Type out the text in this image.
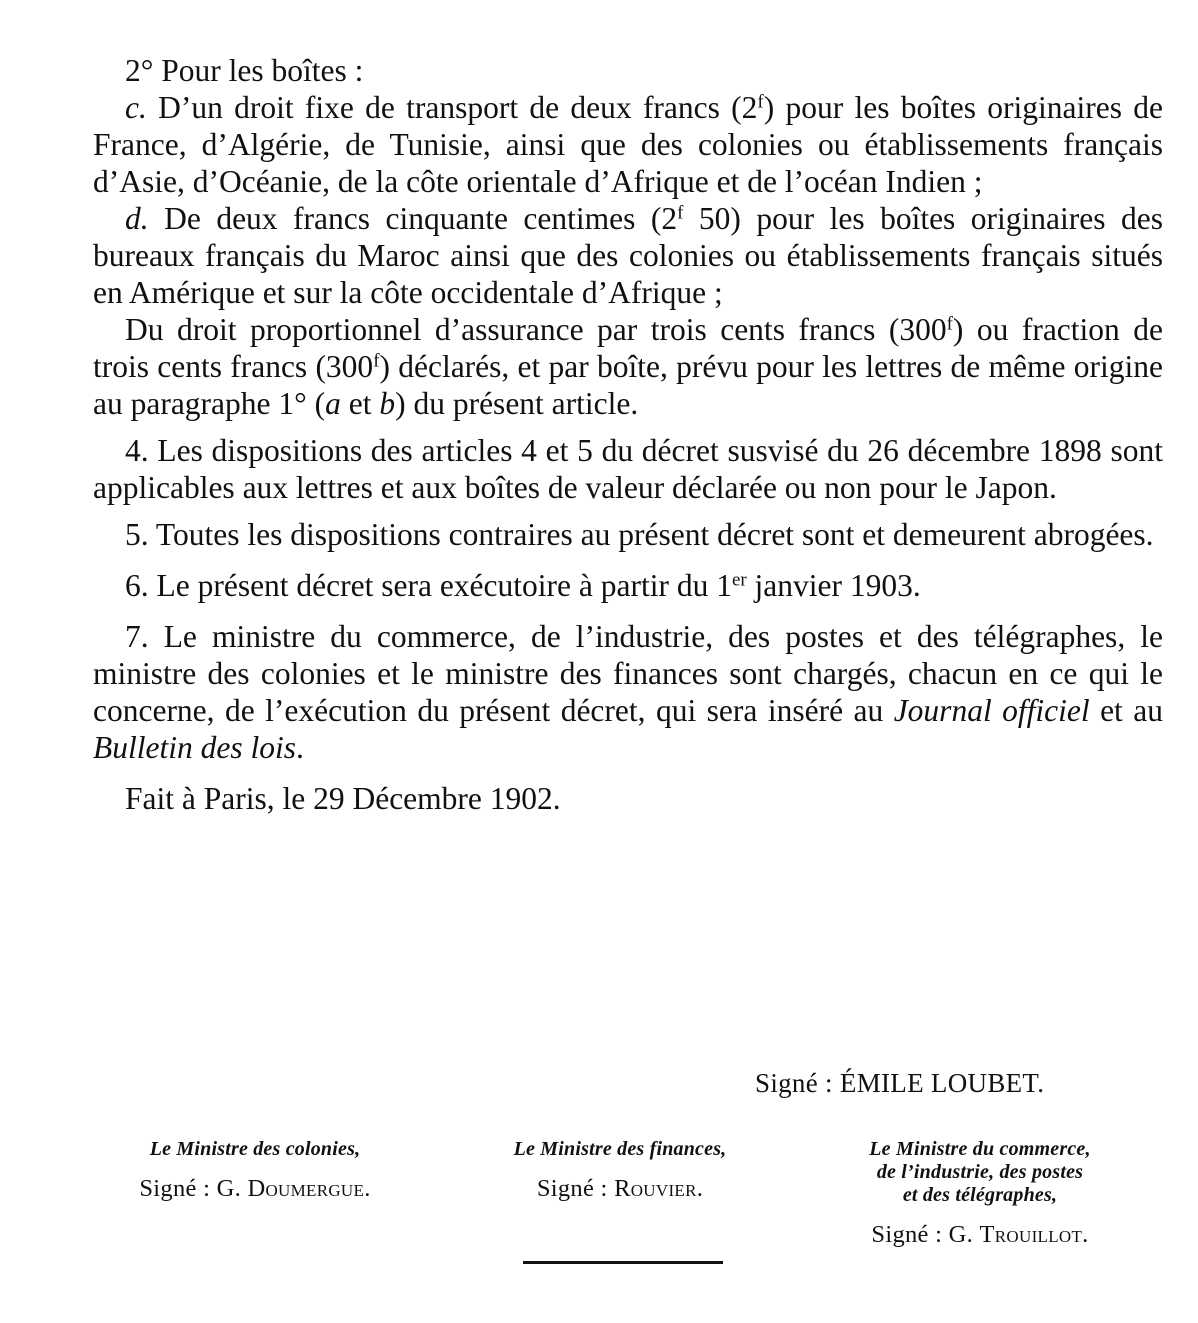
2° Pour les boîtes :

c. D’un droit fixe de transport de deux francs (2$^f$) pour les boîtes originaires de France, d’Algérie, de Tunisie, ainsi que des colonies ou établissements français d’Asie, d’Océanie, de la côte orientale d’Afrique et de l’océan Indien ;

d. De deux francs cinquante centimes (2$^f$ 50) pour les boîtes originaires des bureaux français du Maroc ainsi que des colonies ou établissements français situés en Amérique et sur la côte occidentale d’Afrique ;

Du droit proportionnel d’assurance par trois cents francs (300$^f$) ou fraction de trois cents francs (300$^f$) déclarés, et par boîte, prévu pour les lettres de même origine au paragraphe 1° (a et b) du présent article.

4. Les dispositions des articles 4 et 5 du décret susvisé du 26 décembre 1898 sont applicables aux lettres et aux boîtes de valeur déclarée ou non pour le Japon.

5. Toutes les dispositions contraires au présent décret sont et demeurent abrogées.

6. Le présent décret sera exécutoire à partir du 1er janvier 1903.

7. Le ministre du commerce, de l’industrie, des postes et des télégraphes, le ministre des colonies et le ministre des finances sont chargés, chacun en ce qui le concerne, de l’exécution du présent décret, qui sera inséré au Journal officiel et au Bulletin des lois.

Fait à Paris, le 29 Décembre 1902.

Signé : ÉMILE LOUBET.
Le Ministre des colonies,
Signé : G. Doumergue.
Le Ministre des finances,
Signé : Rouvier.
Le Ministre du commerce,
de l’industrie, des postes
et des télégraphes,
Signé : G. Trouillot.
